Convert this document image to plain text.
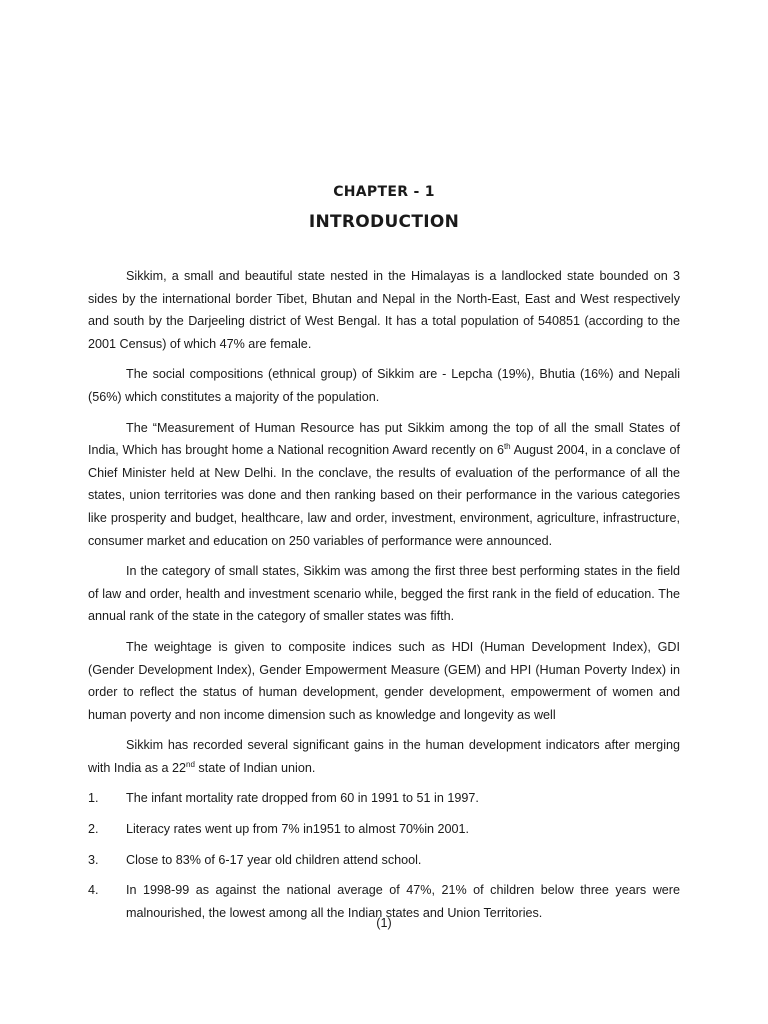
CHAPTER - 1
INTRODUCTION

Sikkim, a small and beautiful state nested in the Himalayas is a landlocked state bounded on 3 sides by the international border Tibet, Bhutan and Nepal in the North-East, East and West respectively and south by the Darjeeling district of West Bengal. It has a total population of 540851 (according to the 2001 Census) of which 47% are female.

The social compositions (ethnical group) of Sikkim are - Lepcha (19%), Bhutia (16%) and Nepali (56%) which constitutes a majority of the population.

The “Measurement of Human Resource has put Sikkim among the top of all the small States of India, Which has brought home a National recognition Award recently on 6th August 2004, in a conclave of Chief Minister held at New Delhi. In the conclave, the results of evaluation of the performance of all the states, union territories was done and then ranking based on their performance in the various categories like prosperity and budget, healthcare, law and order, investment, environment, agriculture, infrastructure, consumer market and education on 250 variables of performance were announced.

In the category of small states, Sikkim was among the first three best performing states in the field of law and order, health and investment scenario while, begged the first rank in the field of education. The annual rank of the state in the category of smaller states was fifth.

The weightage is given to composite indices such as HDI (Human Development Index), GDI (Gender Development Index), Gender Empowerment Measure (GEM) and HPI (Human Poverty Index) in order to reflect the status of human development, gender development, empowerment of women and human poverty and non income dimension such as knowledge and longevity as well

Sikkim has recorded several significant gains in the human development indicators after merging with India as a 22nd state of Indian union.

1. The infant mortality rate dropped from 60 in 1991 to 51 in 1997.
2. Literacy rates went up from 7% in1951 to almost 70%in 2001.
3. Close to 83% of 6-17 year old children attend school.
4. In 1998-99 as against the national average of 47%, 21% of children below three years were malnourished, the lowest among all the Indian states and Union Territories.
(1)
